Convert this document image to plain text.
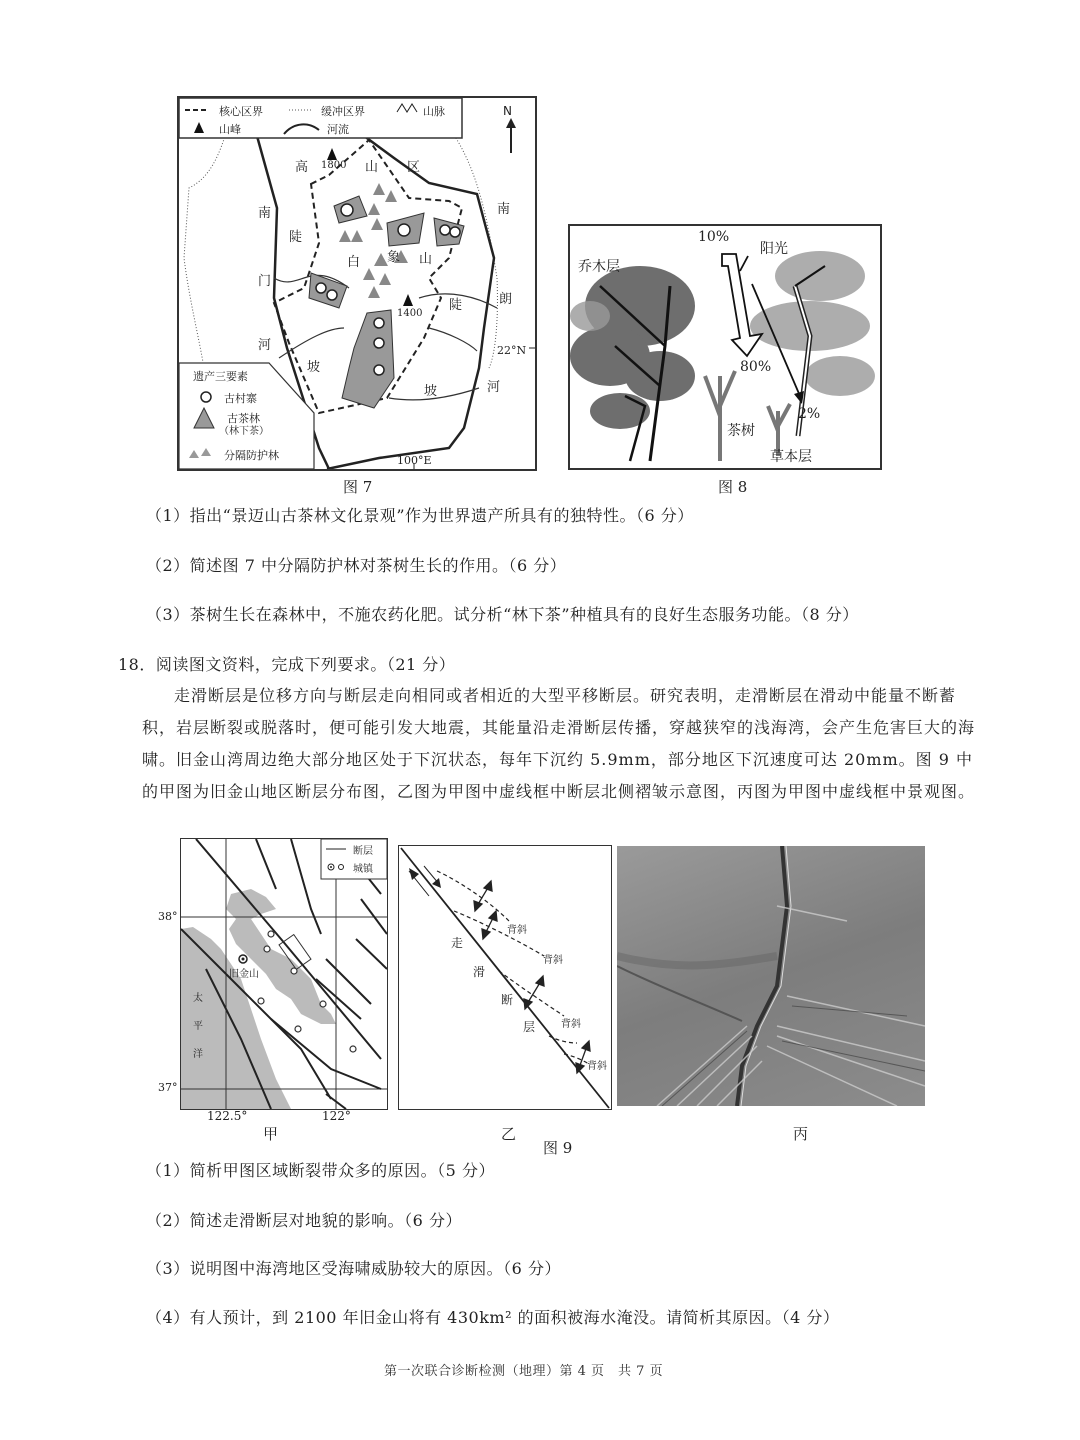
核心区界	缓冲区界	山脉
山峰	河流
N
1800
1400
高	山 区
白 象 山
南
陡
门
河
坡
南
朗
陡
河
坡
22°N
100°E
遗产三要素
古村寨
古茶林
（林下茶）
分隔防护林
图 7
乔木层
10%
阳光
80%
2%
茶树
草本层
图 8
（1）指出“景迈山古茶林文化景观”作为世界遗产所具有的独特性。（6 分）
（2）简述图 7 中分隔防护林对茶树生长的作用。（6 分）
（3）茶树生长在森林中，不施农药化肥。试分析“林下茶”种植具有的良好生态服务功能。（8 分）
18．阅读图文资料，完成下列要求。（21 分）
走滑断层是位移方向与断层走向相同或者相近的大型平移断层。研究表明，走滑断层在滑动中能量不断蓄积，岩层断裂或脱落时，便可能引发大地震，其能量沿走滑断层传播，穿越狭窄的浅海湾，会产生危害巨大的海啸。旧金山湾周边绝大部分地区处于下沉状态，每年下沉约 5.9mm，部分地区下沉速度可达 20mm。图 9 中的甲图为旧金山地区断层分布图，乙图为甲图中虚线框中断层北侧褶皱示意图，丙图为甲图中虚线框中景观图。
断层
城镇
旧金山
太
平
洋
38°
37°
122.5°	122°
甲
背斜
背斜
背斜
背斜
走
滑
断
层
乙
图 9
丙
（1）简析甲图区域断裂带众多的原因。（5 分）
（2）简述走滑断层对地貌的影响。（6 分）
（3）说明图中海湾地区受海啸威胁较大的原因。（6 分）
（4）有人预计，到 2100 年旧金山将有 430km² 的面积被海水淹没。请简析其原因。（4 分）
第一次联合诊断检测（地理）第 4 页　共 7 页
